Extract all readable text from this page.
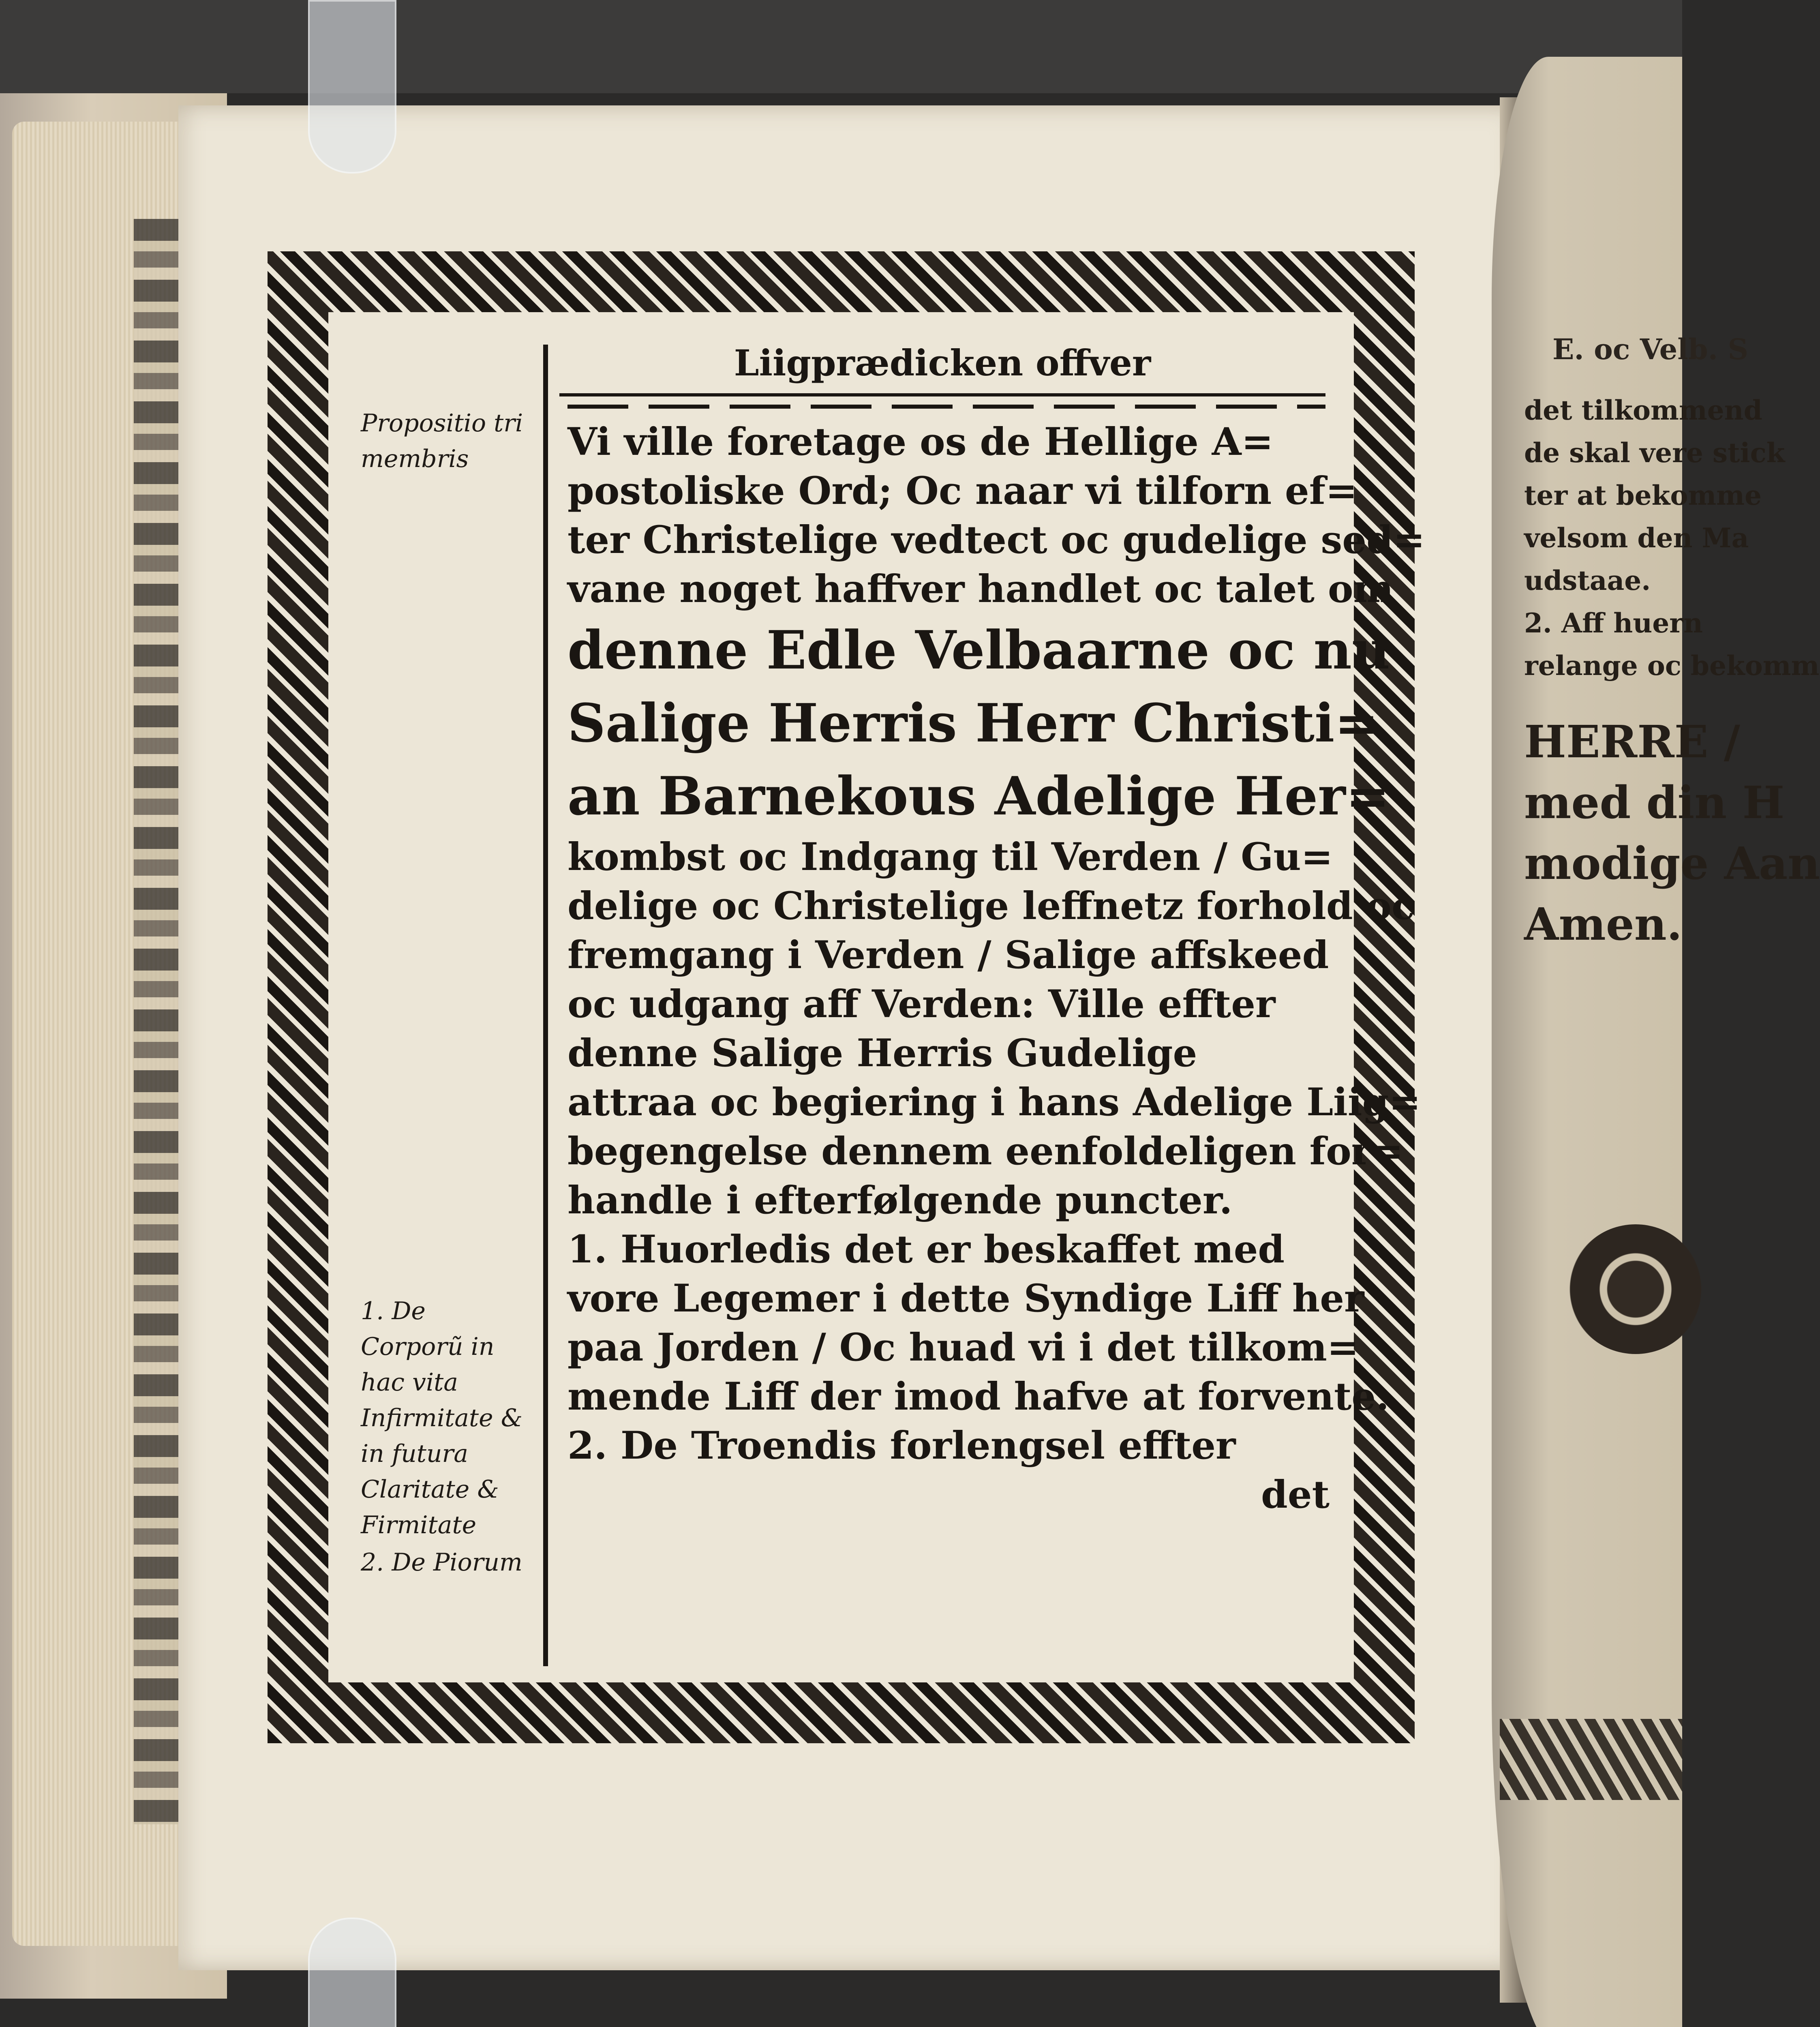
E. oc Velb. S
det tilkommend
de skal vere stick
ter at bekomme
velsom den Ma
udstaae.
2. Aff huern
relange oc bekomm
HERRE /
med din H
modige Aan
Amen.
Liigprædicken offver
Propositio tri membris
1. De Corporũ in hac vita Infirmitate & in futura Claritate & Firmitate
2. De Piorum
Vi ville foretage os de Hellige A=
postoliske Ord; Oc naar vi tilforn ef=
ter Christelige vedtect oc gudelige sed=
vane noget haffver handlet oc talet om
denne Edle Velbaarne oc nu
Salige Herris Herr Christi=
an Barnekous Adelige Her=
kombst oc Indgang til Verden / Gu=
delige oc Christelige leffnetz forhold oc
fremgang i Verden / Salige affskeed
oc udgang aff Verden: Ville effter
denne Salige Herris Gudelige
attraa oc begiering i hans Adelige Liig=
begengelse dennem eenfoldeligen for=
handle i efterfølgende puncter.
1. Huorledis det er beskaffet med
vore Legemer i dette Syndige Liff her
paa Jorden / Oc huad vi i det tilkom=
mende Liff der imod hafve at forvente.
2. De Troendis forlengsel effter
det
